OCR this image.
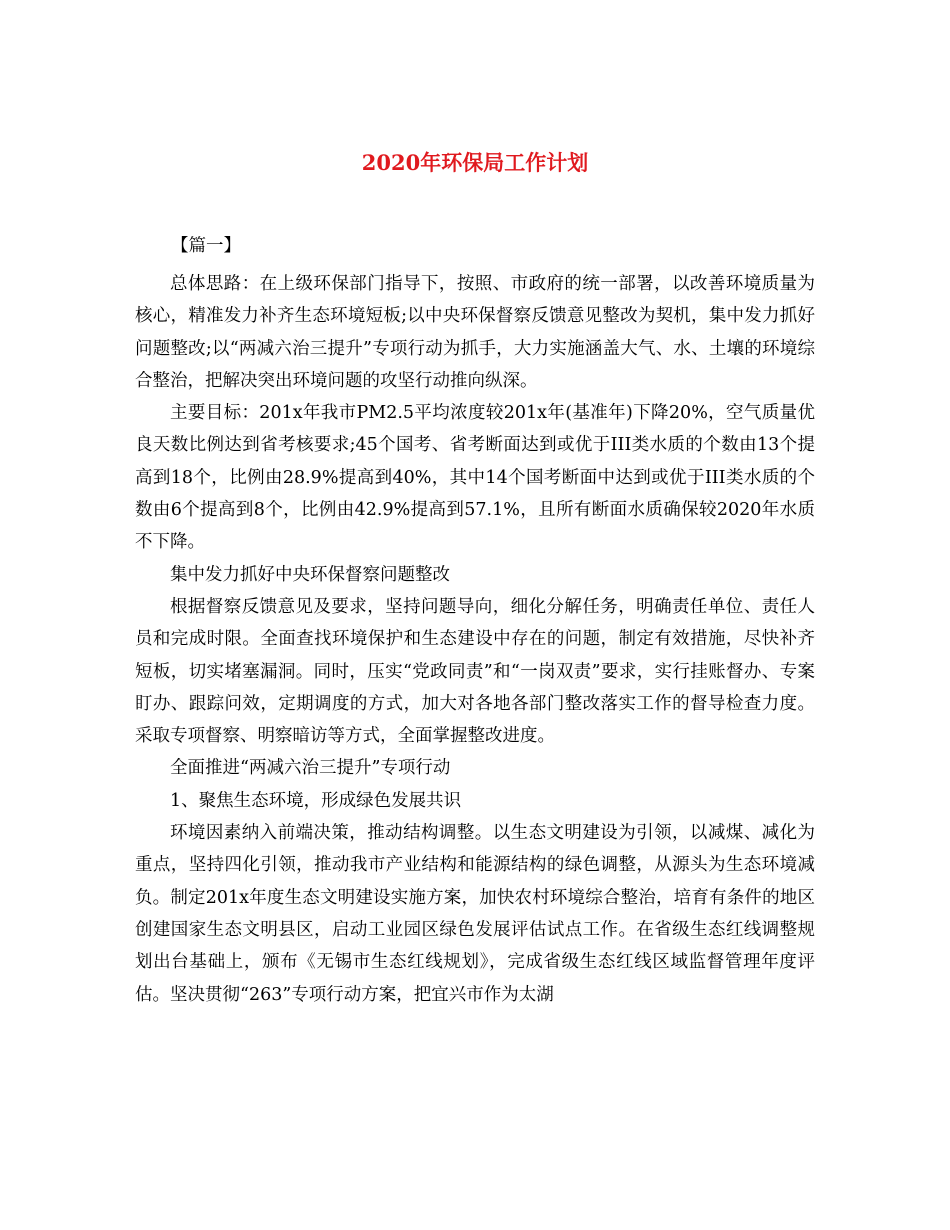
2020年环保局工作计划
【篇一】

总体思路：在上级环保部门指导下，按照、市政府的统一部署，以改善环境质量为核心，精准发力补齐生态环境短板;以中央环保督察反馈意见整改为契机，集中发力抓好问题整改;以“两减六治三提升”专项行动为抓手，大力实施涵盖大气、水、土壤的环境综合整治，把解决突出环境问题的攻坚行动推向纵深。

主要目标：201x年我市PM2.5平均浓度较201x年(基准年)下降20%，空气质量优良天数比例达到省考核要求;45个国考、省考断面达到或优于III类水质的个数由13个提高到18个，比例由28.9%提高到40%，其中14个国考断面中达到或优于III类水质的个数由6个提高到8个，比例由42.9%提高到57.1%，且所有断面水质确保较2020年水质不下降。

集中发力抓好中央环保督察问题整改

根据督察反馈意见及要求，坚持问题导向，细化分解任务，明确责任单位、责任人员和完成时限。全面查找环境保护和生态建设中存在的问题，制定有效措施，尽快补齐短板，切实堵塞漏洞。同时，压实“党政同责”和“一岗双责”要求，实行挂账督办、专案盯办、跟踪问效，定期调度的方式，加大对各地各部门整改落实工作的督导检查力度。采取专项督察、明察暗访等方式，全面掌握整改进度。

全面推进“两减六治三提升”专项行动

1、聚焦生态环境，形成绿色发展共识

环境因素纳入前端决策，推动结构调整。以生态文明建设为引领，以减煤、减化为重点，坚持四化引领，推动我市产业结构和能源结构的绿色调整，从源头为生态环境减负。制定201x年度生态文明建设实施方案，加快农村环境综合整治，培育有条件的地区创建国家生态文明县区，启动工业园区绿色发展评估试点工作。在省级生态红线调整规划出台基础上，颁布《无锡市生态红线规划》，完成省级生态红线区域监督管理年度评估。坚决贯彻“263”专项行动方案，把宜兴市作为太湖
